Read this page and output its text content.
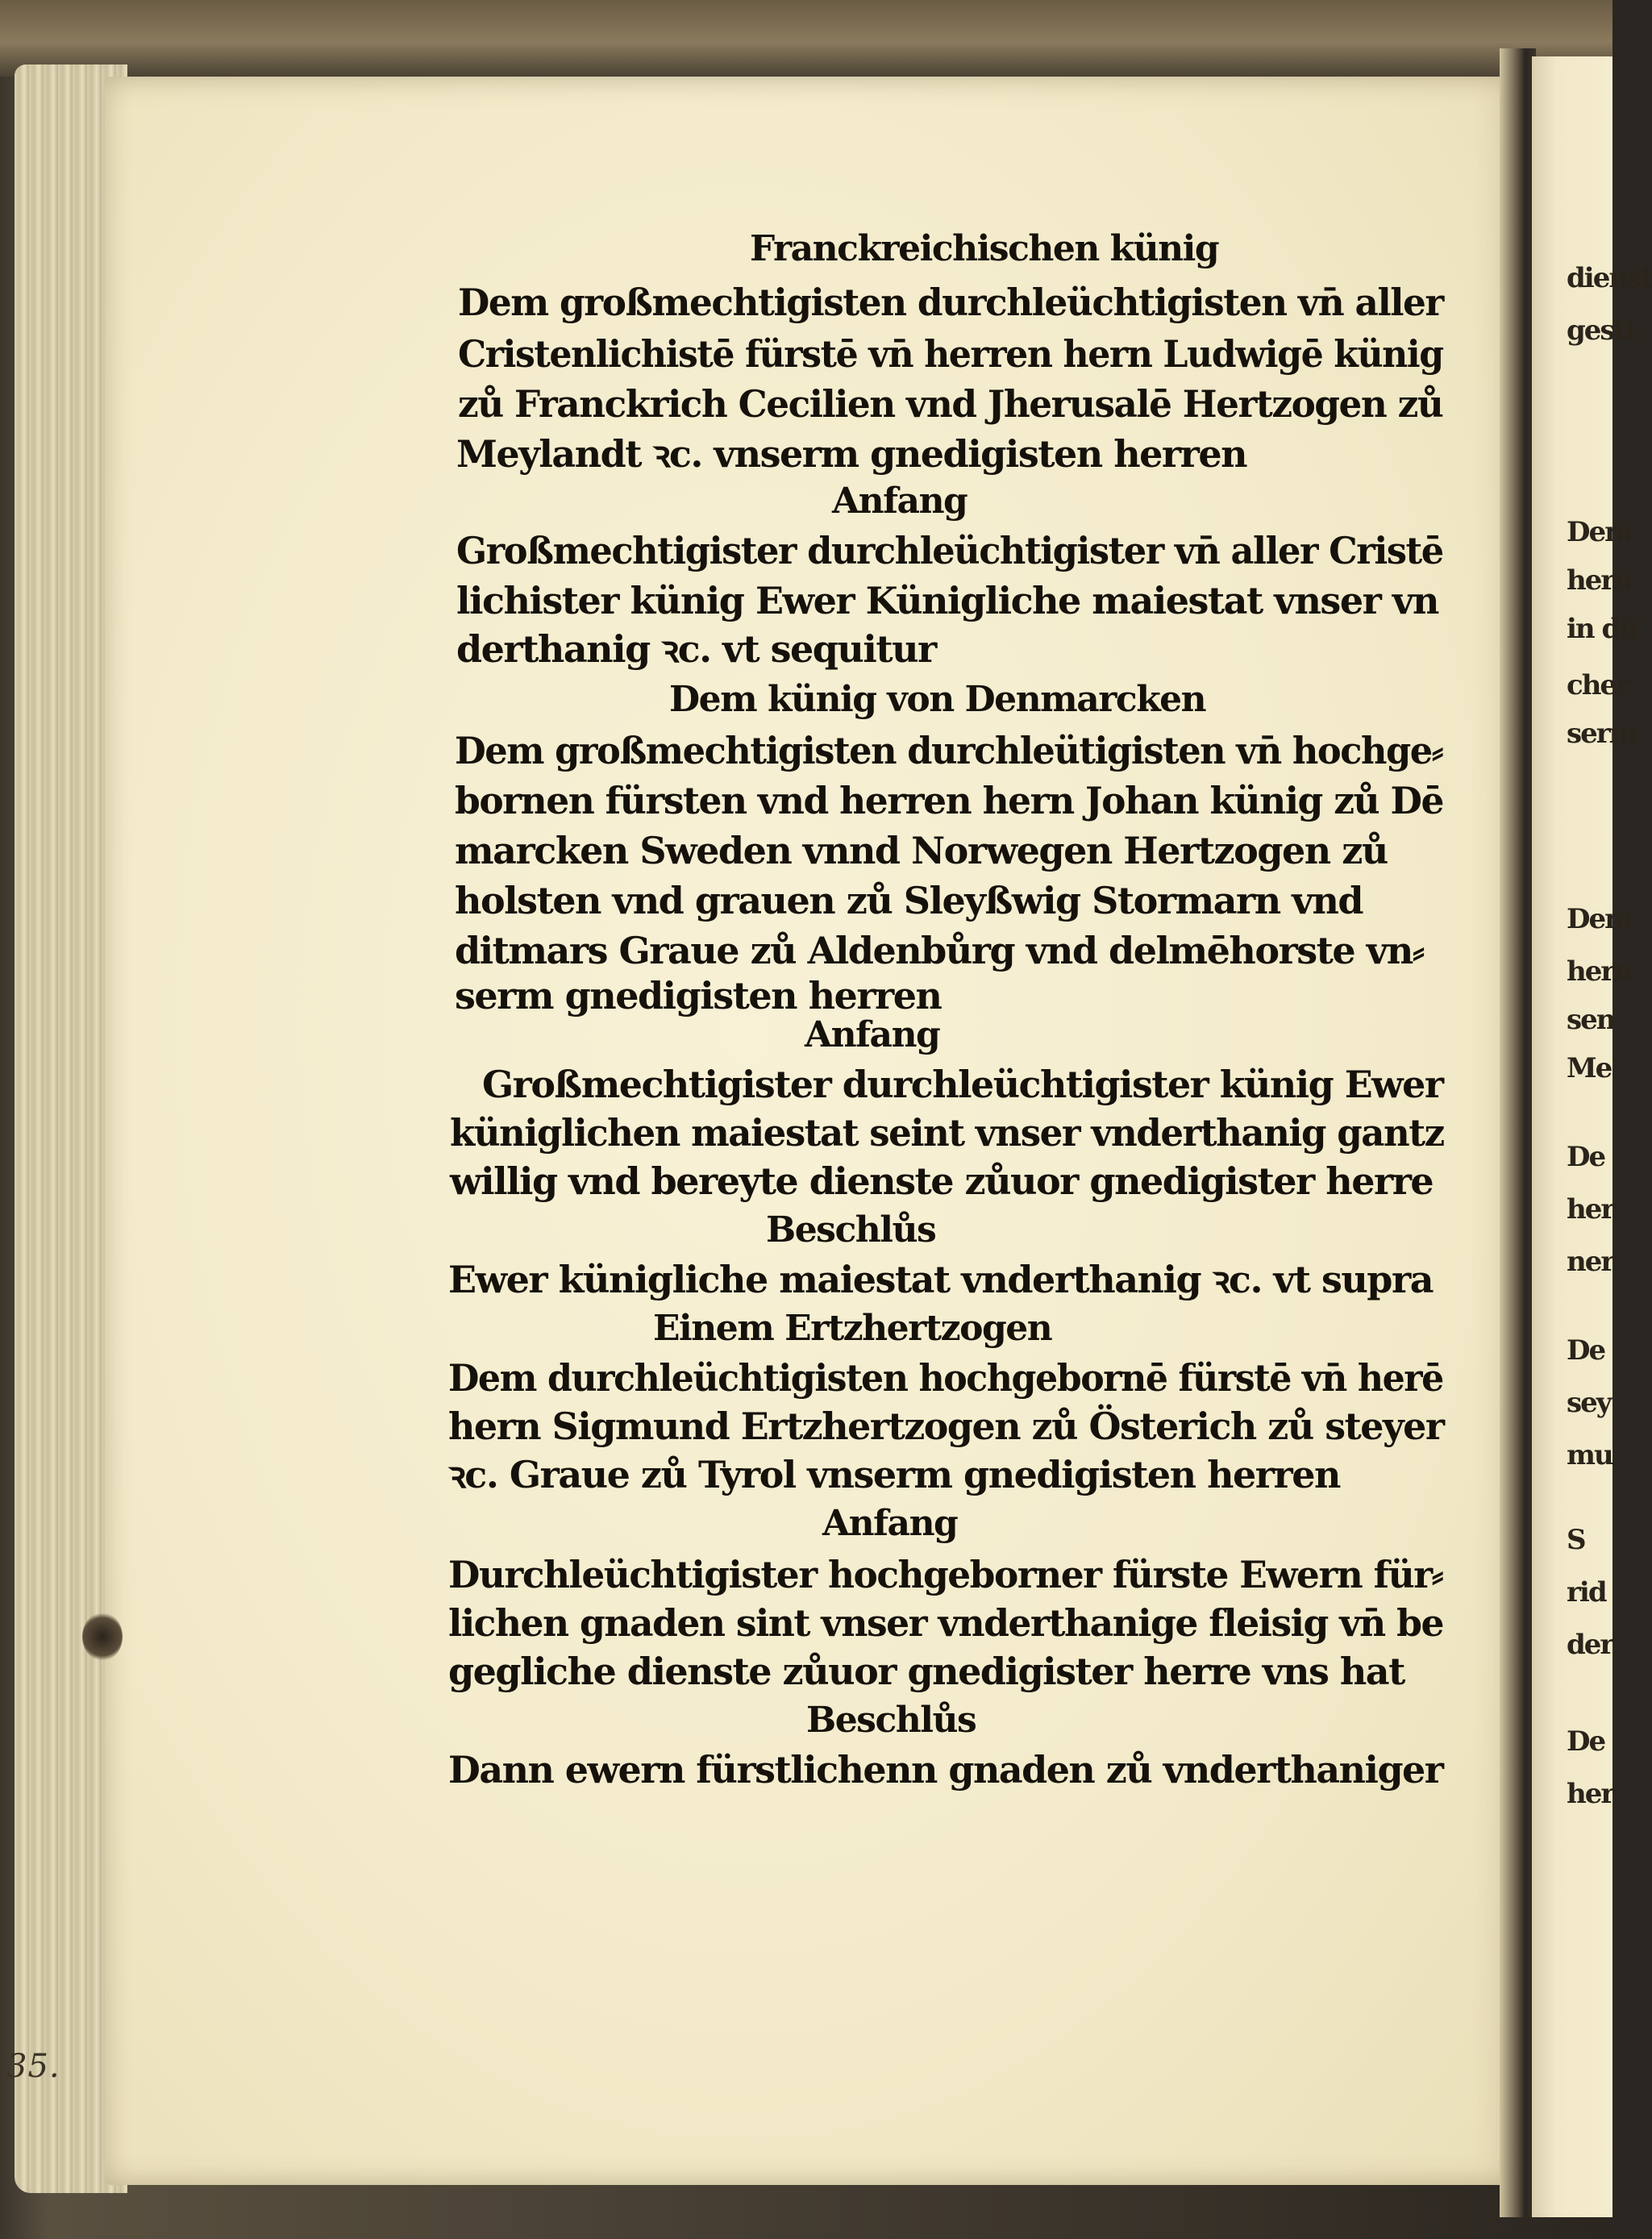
35.
Franckreichischen künig
Dem großmechtigisten durchleüchtigisten vn̄ aller
Cristenlichistē fürstē vn̄ herren hern Ludwigē künig
zů Franckrich Cecilien vnd Jherusalē Hertzogen zů
Meylandt ꝛc. vnserm gnedigisten herren
Anfang
Großmechtigister durchleüchtigister vn̄ aller Cristē
lichister künig Ewer Künigliche maiestat vnser vn
derthanig ꝛc. vt sequitur
Dem künig von Denmarcken
Dem großmechtigisten durchleütigisten vn̄ hochge⸗
bornen fürsten vnd herren hern Johan künig zů Dē
marcken Sweden vnnd Norwegen Hertzogen zů
holsten vnd grauen zů Sleyßwig Stormarn vnd
ditmars Graue zů Aldenbůrg vnd delmēhorste vn⸗
serm gnedigisten herren
Anfang
Großmechtigister durchleüchtigister künig Ewer
küniglichen maiestat seint vnser vnderthanig gantz
willig vnd bereyte dienste zůuor gnedigister herre
Beschlůs
Ewer künigliche maiestat vnderthanig ꝛc. vt supra
Einem Ertzhertzogen
Dem durchleüchtigisten hochgebornē fürstē vn̄ herē
hern Sigmund Ertzhertzogen zů Österich zů steyer
ꝛc. Graue zů Tyrol vnserm gnedigisten herren
Anfang
Durchleüchtigister hochgeborner fürste Ewern für⸗
lichen gnaden sint vnser vnderthanige fleisig vn̄ be
gegliche dienste zůuor gnedigister herre vns hat
Beschlůs
Dann ewern fürstlichenn gnaden zů vnderthaniger
dienst
gesti
Dem
hern
in dü
cher
serm
Dem
hern
sen
Me
De
her
ner
De
sey
mu
S
rid
der
De
her
